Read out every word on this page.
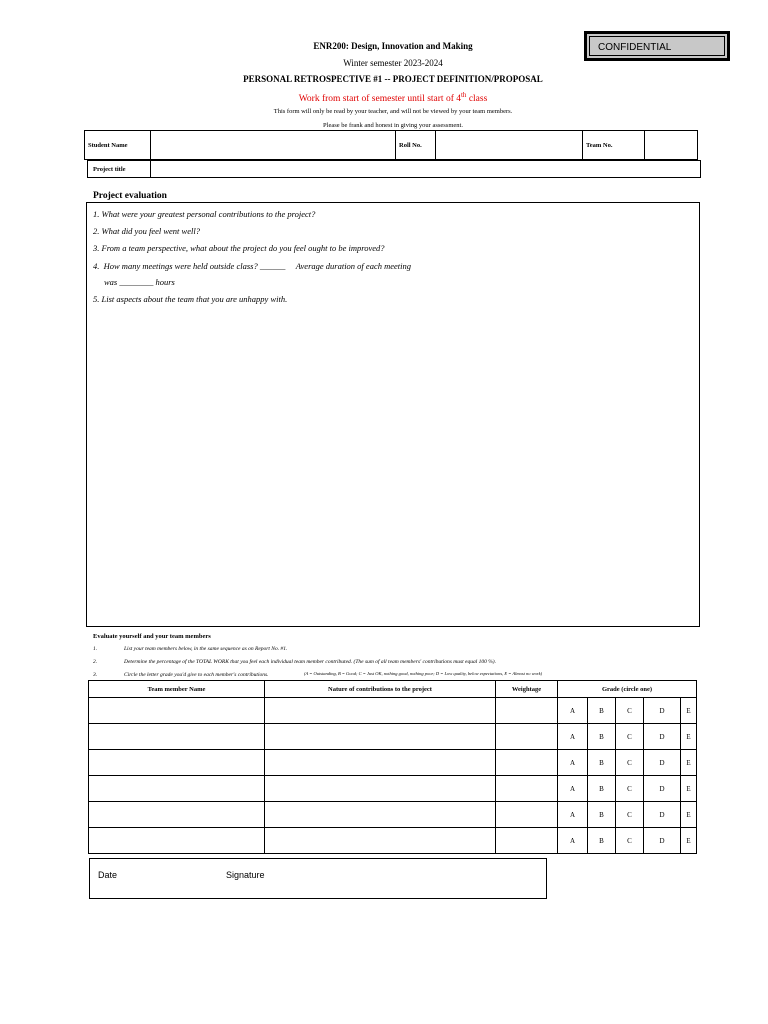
CONFIDENTIAL
ENR200: Design, Innovation and Making
Winter semester 2023-2024
PERSONAL RETROSPECTIVE #1 -- PROJECT DEFINITION/PROPOSAL
Work from start of semester until start of 4th class
This form will only be read by your teacher, and will not be viewed by your team members.
Please be frank and honest in giving your assessment.
Student Name		Roll No.		Team No.	
Project title	
Project evaluation
1. What were your greatest personal contributions to the project?
2. What did you feel went well?
3. From a team perspective, what about the project do you feel ought to be improved?
4.  How many meetings were held outside class? ______     Average duration of each meeting
was ________ hours
5. List aspects about the team that you are unhappy with.
Evaluate yourself and your team members
1.	List your team members below, in the same sequence as on Report No. #1.
2.	Determine the percentage of the TOTAL WORK that you feel each individual team member contributed. (The sum of all team members' contributions must equal 100 %).
3.	Circle the letter grade you'd give to each member's contributions.	(A = Outstanding, B = Good; C = Just OK, nothing good, nothing poor; D = Low quality, below expectations, E = Almost no work)
Team member Name	Nature of contributions to the project	Weightage	Grade (circle one)				
			A	B	C	D	E
			A	B	C	D	E
			A	B	C	D	E
			A	B	C	D	E
			A	B	C	D	E
			A	B	C	D	E
Date	Signature
